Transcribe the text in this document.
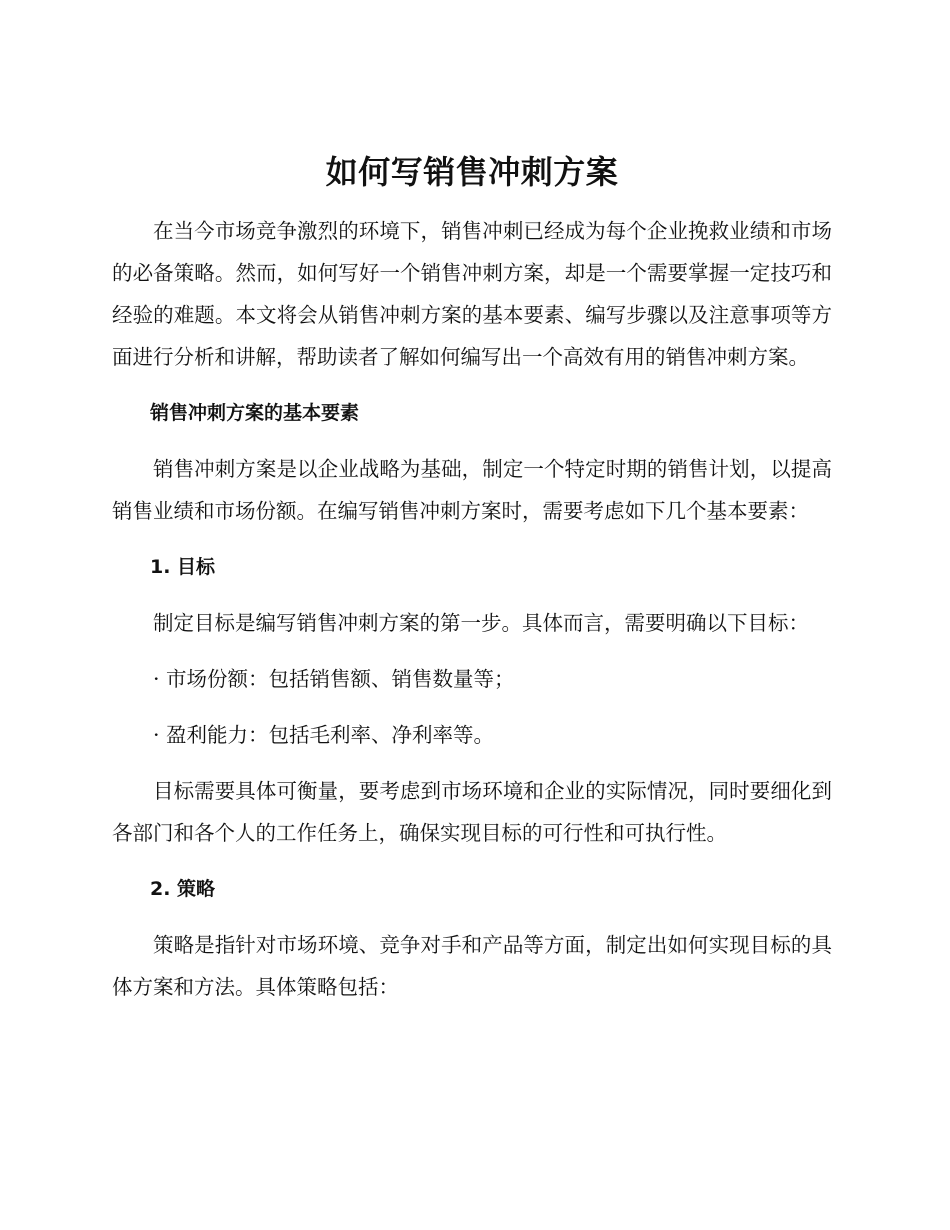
如何写销售冲刺方案

在当今市场竞争激烈的环境下，销售冲刺已经成为每个企业挽救业绩和市场的必备策略。然而，如何写好一个销售冲刺方案，却是一个需要掌握一定技巧和经验的难题。本文将会从销售冲刺方案的基本要素、编写步骤以及注意事项等方面进行分析和讲解，帮助读者了解如何编写出一个高效有用的销售冲刺方案。

销售冲刺方案的基本要素

销售冲刺方案是以企业战略为基础，制定一个特定时期的销售计划，以提高销售业绩和市场份额。在编写销售冲刺方案时，需要考虑如下几个基本要素：

1. 目标

制定目标是编写销售冲刺方案的第一步。具体而言，需要明确以下目标：

· 市场份额：包括销售额、销售数量等；

· 盈利能力：包括毛利率、净利率等。

目标需要具体可衡量，要考虑到市场环境和企业的实际情况，同时要细化到各部门和各个人的工作任务上，确保实现目标的可行性和可执行性。

2. 策略

策略是指针对市场环境、竞争对手和产品等方面，制定出如何实现目标的具体方案和方法。具体策略包括：
